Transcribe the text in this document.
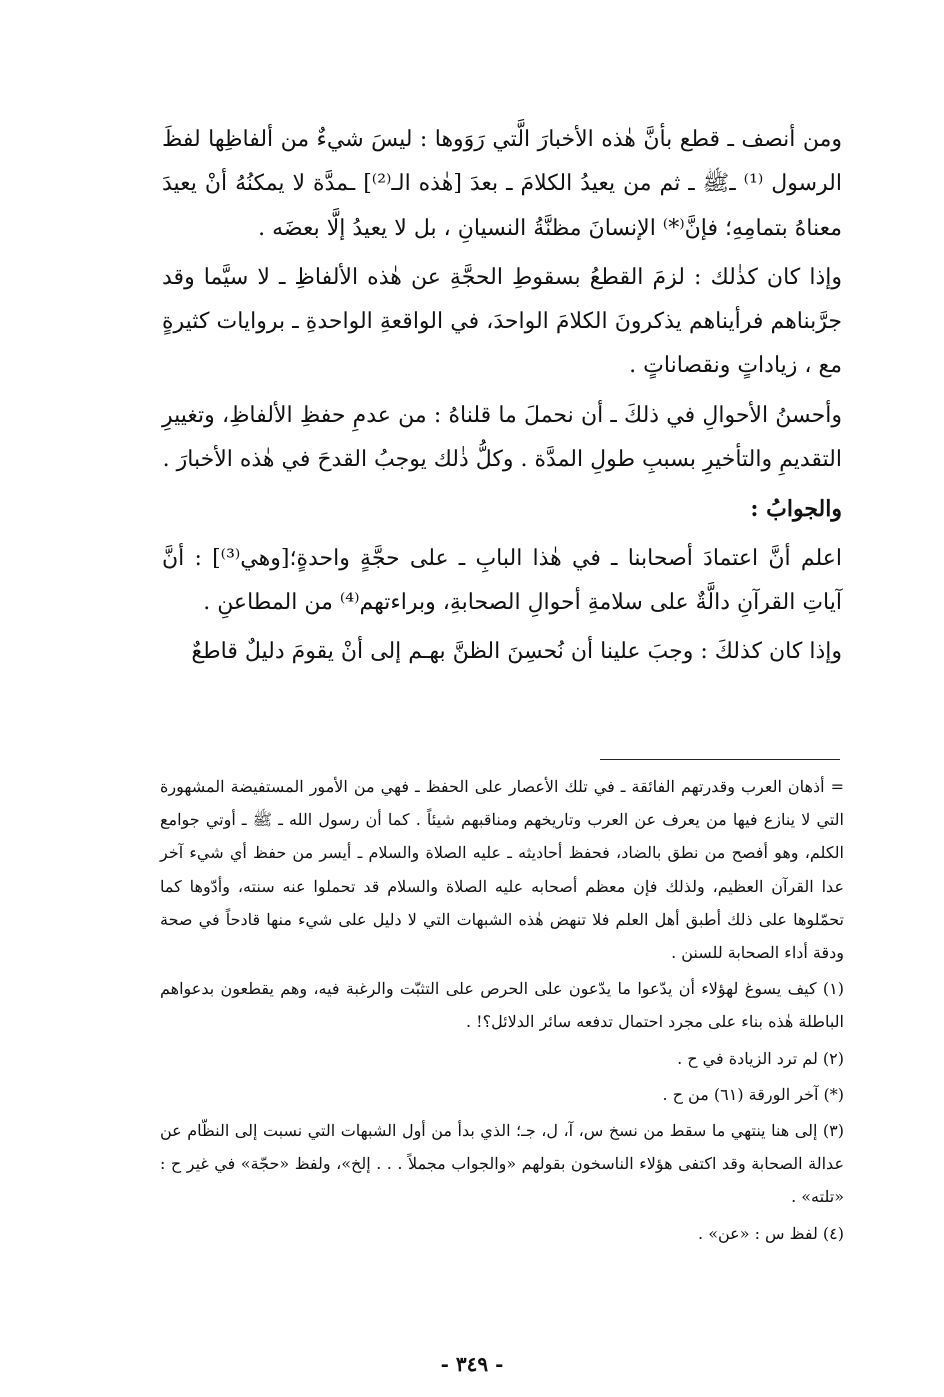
ومن أنصف ـ قطع بأنَّ هٰذه الأخبارَ الَّتي رَوَوها : ليسَ شيءٌ من ألفاظِها لفظَ الرسول ⁽¹⁾ ـﷺ ـ ثم من يعيدُ الكلامَ ـ بعدَ [هٰذه الـ⁽²⁾] ـمدَّة لا يمكنُهُ أنْ يعيدَ معناهُ بتمامِهِ؛ فإنَّ⁽*⁾ الإنسانَ مظنَّةُ النسيانِ ، بل لا يعيدُ إلَّا بعضَه .

وإذا كان كذٰلك : لزمَ القطعُ بسقوطِ الحجَّةِ عن هٰذه الألفاظِ ـ لا سيَّما وقد جرَّبناهم فرأيناهم يذكرونَ الكلامَ الواحدَ، في الواقعةِ الواحدةِ ـ بروايات كثيرةٍ مع ، زياداتٍ ونقصاناتٍ .

وأحسنُ الأحوالِ في ذلكَ ـ أن نحملَ ما قلناهُ : من عدمِ حفظِ الألفاظِ، وتغييرِ التقديمِ والتأخيرِ بسببِ طولِ المدَّة . وكلُّ ذٰلك يوجبُ القدحَ في هٰذه الأخبارَ .

والجوابُ :

اعلم أنَّ اعتمادَ أصحابنا ـ في هٰذا البابِ ـ على حجَّةٍ واحدةٍ؛[وهي⁽³⁾] : أنَّ آياتِ القرآنِ دالَّةٌ على سلامةِ أحوالِ الصحابةِ، وبراءتهم⁽⁴⁾ من المطاعنِ .

وإذا كان كذلكَ : وجبَ علينا أن نُحسِنَ الظنَّ بهـم إلى أنْ يقومَ دليلٌ قاطعٌ

= أذهان العرب وقدرتهم الفائقة ـ في تلك الأعصار على الحفظ ـ فهي من الأمور المستفيضة المشهورة التي لا ينازع فيها من يعرف عن العرب وتاريخهم ومناقبهم شيئاً . كما أن رسول الله ـ ﷺ ـ أوتي جوامع الكلم، وهو أفصح من نطق بالضاد، فحفظ أحاديثه ـ عليه الصلاة والسلام ـ أيسر من حفظ أي شيء آخر عدا القرآن العظيم، ولذلك فإن معظم أصحابه عليه الصلاة والسلام قد تحملوا عنه سنته، وأدّوها كما تحمّلوها على ذلك أطبق أهل العلم فلا تنهض هٰذه الشبهات التي لا دليل على شيء منها قادحاً في صحة ودقة أداء الصحابة للسنن .

(١) كيف يسوغ لهؤلاء أن يدّعوا ما يدّعون على الحرص على التثبّت والرغبة فيه، وهم يقطعون بدعواهم الباطلة هٰذه بناء على مجرد احتمال تدفعه سائر الدلائل؟! .

(٢) لم ترد الزيادة في ح .

(*) آخر الورقة (٦١) من ح .

(٣) إلى هنا ينتهي ما سقط من نسخ س، آ، ل، جـ؛ الذي بدأ من أول الشبهات التي نسبت إلى النظّام عن عدالة الصحابة وقد اكتفى هؤلاء الناسخون بقولهم «والجواب مجملاً . . . إلخ»، ولفظ «حجّة» في غير ح : «تلته» .

(٤) لفظ س : «عن» .

- ٣٤٩ -
